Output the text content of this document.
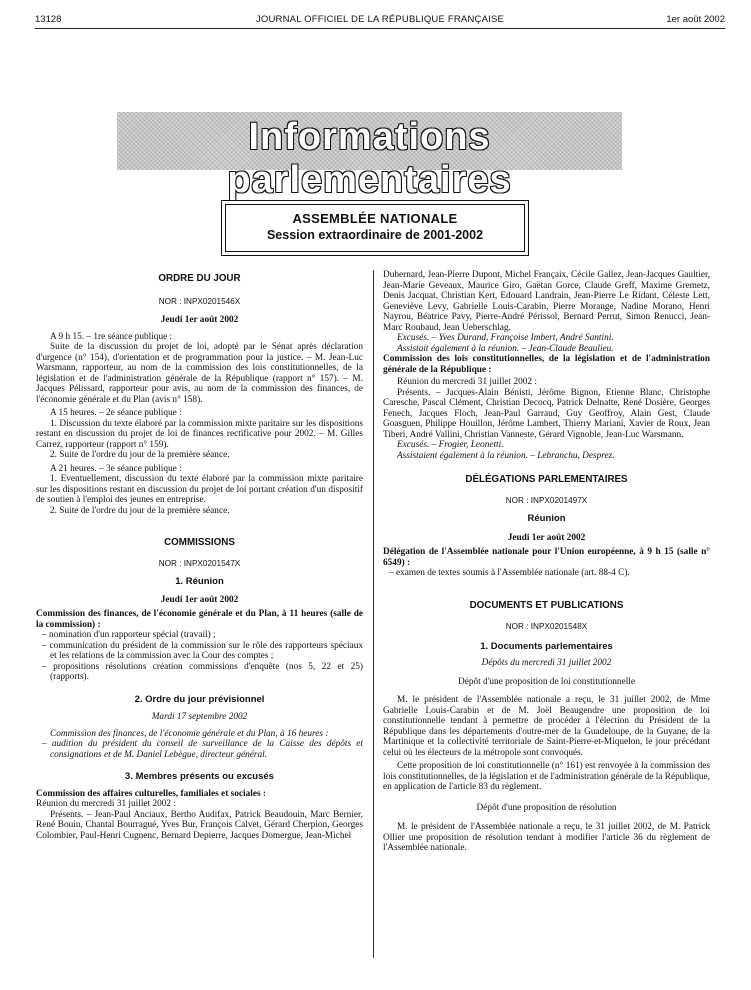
13128	JOURNAL OFFICIEL DE LA RÉPUBLIQUE FRANÇAISE	1er août 2002
Informations parlementaires
ASSEMBLÉE NATIONALE
Session extraordinaire de 2001-2002

ORDRE DU JOUR

NOR : INPX0201546X

Jeudi 1er août 2002

A 9 h 15. – 1re séance publique :

Suite de la discussion du projet de loi, adopté par le Sénat après déclaration d'urgence (n° 154), d'orientation et de programmation pour la justice. – M. Jean-Luc Warsmann, rapporteur, au nom de la commission des lois constitutionnelles, de la législation et de l'administration générale de la République (rapport n° 157). – M. Jacques Pélissard, rapporteur pour avis, au nom de la commission des finances, de l'économie générale et du Plan (avis n° 158).

A 15 heures. – 2e séance publique :

1. Discussion du texte élaboré par la commission mixte paritaire sur les dispositions restant en discussion du projet de loi de finances rectificative pour 2002. – M. Gilles Carrez, rapporteur (rapport n° 159).

2. Suite de l'ordre du jour de la première séance.

A 21 heures. – 3e séance publique :

1. Eventuellement, discussion du texte élaboré par la commission mixte paritaire sur les dispositions restant en discussion du projet de loi portant création d'un dispositif de soutien à l'emploi des jeunes en entreprise.

2. Suite de l'ordre du jour de la première séance.

COMMISSIONS

NOR : INPX0201547X

1. Réunion

Jeudi 1er août 2002

Commission des finances, de l'économie générale et du Plan, à 11 heures (salle de la commission) :

– nomination d'un rapporteur spécial (travail) ;

– communication du président de la commission sur le rôle des rapporteurs spéciaux et les relations de la commission avec la Cour des comptes ;

– propositions résolutions création commissions d'enquête (nos 5, 22 et 25) (rapports).

2. Ordre du jour prévisionnel

Mardi 17 septembre 2002

Commission des finances, de l'économie générale et du Plan, à 16 heures :

– audition du président du conseil de surveillance de la Caisse des dépôts et consignations et de M. Daniel Lebègue, directeur général.

3. Membres présents ou excusés

Commission des affaires culturelles, familiales et sociales :

Réunion du mercredi 31 juillet 2002 :

Présents. – Jean-Paul Anciaux, Bertho Audifax, Patrick Beaudouin, Marc Bernier, René Bouin, Chantal Bourragué, Yves Bur, François Calvet, Gérard Cherpion, Georges Colombier, Paul-Henri Cugnenc, Bernard Depierre, Jacques Domergue, Jean-Michel

Dubernard, Jean-Pierre Dupont, Michel Françaix, Cécile Gallez, Jean-Jacques Gaultier, Jean-Marie Geveaux, Maurice Giro, Gaëtan Gorce, Claude Greff, Maxime Gremetz, Denis Jacquat, Christian Kert, Edouard Landrain, Jean-Pierre Le Ridant, Céleste Lett, Geneviève Levy, Gabrielle Louis-Carabin, Pierre Morange, Nadine Morano, Henri Nayrou, Béatrice Pavy, Pierre-André Périssol, Bernard Perrut, Simon Renucci, Jean-Marc Roubaud, Jean Ueberschlag.

Excusés. – Yves Durand, Françoise Imbert, André Santini.

Assistait également à la réunion. – Jean-Claude Beaulieu.

Commission des lois constitutionnelles, de la législation et de l'administration générale de la République :

Réunion du mercredi 31 juillet 2002 :

Présents. – Jacques-Alain Bénisti, Jérôme Bignon, Etienne Blanc, Christophe Caresche, Pascal Clément, Christian Decocq, Patrick Delnatte, René Dosière, Georges Fenech, Jacques Floch, Jean-Paul Garraud, Guy Geoffroy, Alain Gest, Claude Goasguen, Philippe Houillon, Jérôme Lambert, Thierry Mariani, Xavier de Roux, Jean Tiberi, André Vallini, Christian Vanneste, Gérard Vignoble, Jean-Luc Warsmann.

Excusés. – Frogier, Leonetti.

Assistaient également à la réunion. – Lebranchu, Desprez.

DÉLÉGATIONS PARLEMENTAIRES

NOR : INPX0201497X

Réunion

Jeudi 1er août 2002

Délégation de l'Assemblée nationale pour l'Union européenne, à 9 h 15 (salle n° 6549) :

– examen de textes soumis à l'Assemblée nationale (art. 88-4 C).

DOCUMENTS ET PUBLICATIONS

NOR : INPX0201548X

1. Documents parlementaires

Dépôts du mercredi 31 juillet 2002

Dépôt d'une proposition de loi constitutionnelle

M. le président de l'Assemblée nationale a reçu, le 31 juillet 2002, de Mme Gabrielle Louis-Carabin et de M. Joël Beaugendre une proposition de loi constitutionnelle tendant à permettre de procéder à l'élection du Président de la République dans les départements d'outre-mer de la Guadeloupe, de la Guyane, de la Martinique et la collectivité territoriale de Saint-Pierre-et-Miquelon, le jour précédant celui où les électeurs de la métropole sont convoqués.

Cette proposition de loi constitutionnelle (n° 161) est renvoyée à la commission des lois constitutionnelles, de la législation et de l'administration générale de la République, en application de l'article 83 du règlement.

Dépôt d'une proposition de résolution

M. le président de l'Assemblée nationale a reçu, le 31 juillet 2002, de M. Patrick Ollier une proposition de résolution tendant à modifier l'article 36 du règlement de l'Assemblée nationale.
